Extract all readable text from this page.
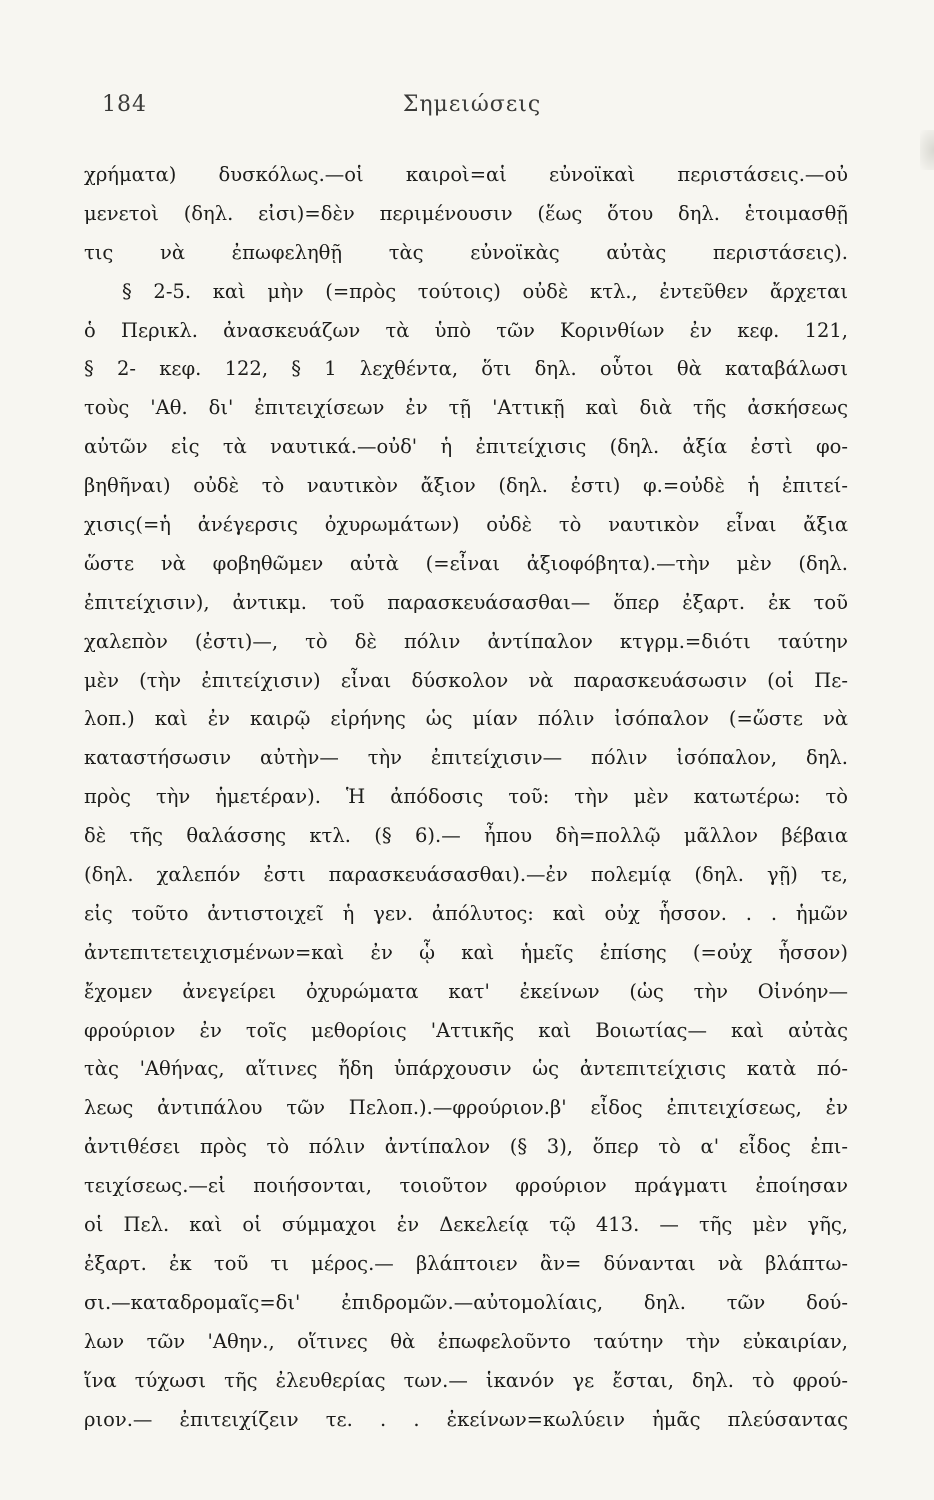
184	Σημειώσεις
χρήματα) δυσκόλως.—οἱ καιροὶ=αἱ εὐνοϊκαὶ περιστάσεις.—οὐ
μενετοὶ (δηλ. εἰσι)=δὲν περιμένουσιν (ἕως ὅτου δηλ. ἑτοιμασθῇ
τις νὰ ἐπωφεληθῇ τὰς εὐνοϊκὰς αὐτὰς περιστάσεις).
§ 2-5. καὶ μὴν (=πρὸς τούτοις) οὐδὲ κτλ., ἐντεῦθεν ἄρχεται
ὁ Περικλ. ἀνασκευάζων τὰ ὑπὸ τῶν Κορινθίων ἐν κεφ. 121,
§ 2- κεφ. 122, § 1 λεχθέντα, ὅτι δηλ. οὗτοι θὰ καταβάλωσι
τοὺς 'Αθ. δι' ἐπιτειχίσεων ἐν τῇ 'Αττικῇ καὶ διὰ τῆς ἀσκήσεως
αὐτῶν εἰς τὰ ναυτικά.—οὐδ' ἡ ἐπιτείχισις (δηλ. ἀξία ἐστὶ φο-
βηθῆναι) οὐδὲ τὸ ναυτικὸν ἄξιον (δηλ. ἐστι) φ.=οὐδὲ ἡ ἐπιτεί-
χισις(=ἡ ἀνέγερσις ὀχυρωμάτων) οὐδὲ τὸ ναυτικὸν εἶναι ἄξια
ὥστε νὰ φοβηθῶμεν αὐτὰ (=εἶναι ἀξιοφόβητα).—τὴν μὲν (δηλ.
ἐπιτείχισιν), ἀντικμ. τοῦ παρασκευάσασθαι— ὅπερ ἐξαρτ. ἐκ τοῦ
χαλεπὸν (ἐστι)—, τὸ δὲ πόλιν ἀντίπαλον κτγρμ.=διότι ταύτην
μὲν (τὴν ἐπιτείχισιν) εἶναι δύσκολον νὰ παρασκευάσωσιν (οἱ Πε-
λοπ.) καὶ ἐν καιρῷ εἰρήνης ὡς μίαν πόλιν ἰσόπαλον (=ὥστε νὰ
καταστήσωσιν αὐτὴν— τὴν ἐπιτείχισιν— πόλιν ἰσόπαλον, δηλ.
πρὸς τὴν ἡμετέραν). Ἡ ἀπόδοσις τοῦ: τὴν μὲν κατωτέρω: τὸ
δὲ τῆς θαλάσσης κτλ. (§ 6).— ἦπου δὴ=πολλῷ μᾶλλον βέβαια
(δηλ. χαλεπόν ἐστι παρασκευάσασθαι).—ἐν πολεμίᾳ (δηλ. γῇ) τε,
εἰς τοῦτο ἀντιστοιχεῖ ἡ γεν. ἀπόλυτος: καὶ οὐχ ἧσσον. . . ἡμῶν
ἀντεπιτετειχισμένων=καὶ ἐν ᾧ καὶ ἡμεῖς ἐπίσης (=οὐχ ἧσσον)
ἔχομεν ἀνεγείρει ὀχυρώματα κατ' ἐκείνων (ὡς τὴν Οἰνόην—
φρούριον ἐν τοῖς μεθορίοις 'Αττικῆς καὶ Βοιωτίας— καὶ αὐτὰς
τὰς 'Αθήνας, αἵτινες ἤδη ὑπάρχουσιν ὡς ἀντεπιτείχισις κατὰ πό-
λεως ἀντιπάλου τῶν Πελοπ.).—φρούριον.β' εἶδος ἐπιτειχίσεως, ἐν
ἀντιθέσει πρὸς τὸ πόλιν ἀντίπαλον (§ 3), ὅπερ τὸ α' εἶδος ἐπι-
τειχίσεως.—εἰ ποιήσονται, τοιοῦτον φρούριον πράγματι ἐποίησαν
οἱ Πελ. καὶ οἱ σύμμαχοι ἐν Δεκελείᾳ τῷ 413. — τῆς μὲν γῆς,
ἐξαρτ. ἐκ τοῦ τι μέρος.— βλάπτοιεν ἂν= δύνανται νὰ βλάπτω-
σι.—καταδρομαῖς=δι' ἐπιδρομῶν.—αὐτομολίαις, δηλ. τῶν δού-
λων τῶν 'Αθην., οἵτινες θὰ ἐπωφελοῦντο ταύτην τὴν εὐκαιρίαν,
ἵνα τύχωσι τῆς ἐλευθερίας των.— ἱκανόν γε ἔσται, δηλ. τὸ φρού-
ριον.— ἐπιτειχίζειν τε. . . ἐκείνων=κωλύειν ἡμᾶς πλεύσαντας
